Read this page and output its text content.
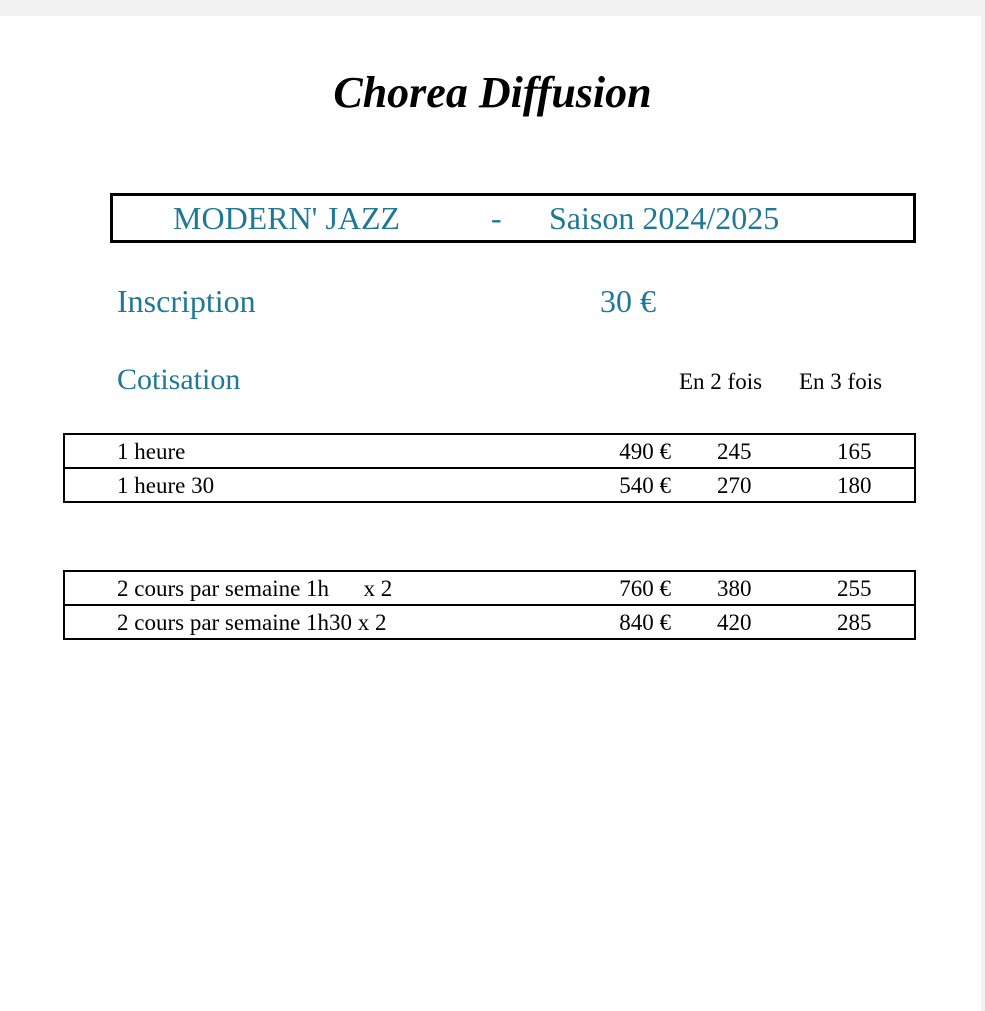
Chorea Diffusion
MODERN' JAZZ	- Saison 2024/2025
Inscription	30 €
Cotisation	En 2 fois En 3 fois
1 heure	490 € 245	165
1 heure 30	540 € 270	180
2 cours par semaine 1h      x 2	760 € 380	255
2 cours par semaine 1h30 x 2	840 € 420	285
